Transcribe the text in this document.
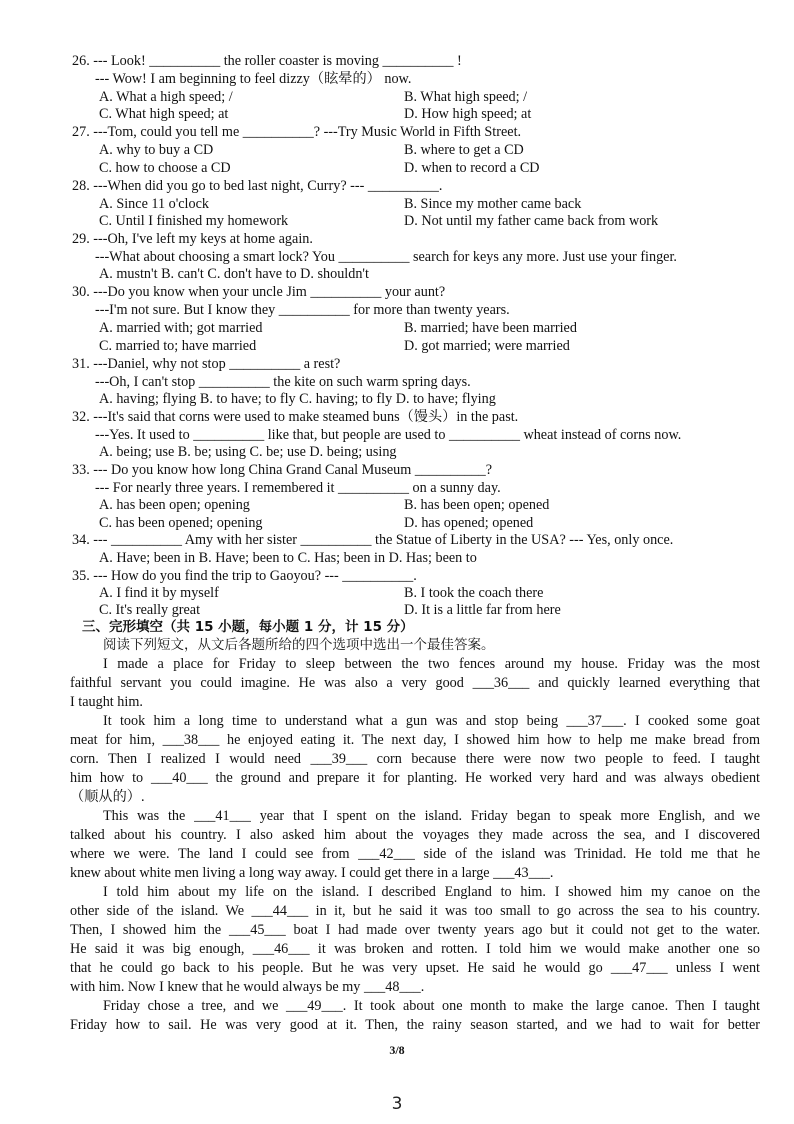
26. --- Look! __________ the roller coaster is moving __________ !
--- Wow! I am beginning to feel dizzy（眩晕的） now.
A. What a high speed; /	B. What high speed; /
C. What high speed; at	D. How high speed; at
27. ---Tom, could you tell me __________? ---Try Music World in Fifth Street.
A. why to buy a CD	B. where to get a CD
C. how to choose a CD	D. when to record a CD
28. ---When did you go to bed last night, Curry? --- __________.
A. Since 11 o'clock	B. Since my mother came back
C. Until I finished my homework	D. Not until my father came back from work
29. ---Oh, I've left my keys at home again.
---What about choosing a smart lock? You __________ search for keys any more. Just use your finger.
A. mustn't B. can't C. don't have to D. shouldn't
30. ---Do you know when your uncle Jim __________ your aunt?
---I'm not sure. But I know they __________ for more than twenty years.
A. married with; got married	B. married; have been married
C. married to; have married	D. got married; were married
31. ---Daniel, why not stop __________ a rest?
---Oh, I can't stop __________ the kite on such warm spring days.
A. having; flying B. to have; to fly C. having; to fly D. to have; flying
32. ---It's said that corns were used to make steamed buns（馒头）in the past.
---Yes. It used to __________ like that, but people are used to __________ wheat instead of corns now.
A. being; use B. be; using C. be; use D. being; using
33. --- Do you know how long China Grand Canal Museum __________?
--- For nearly three years. I remembered it __________ on a sunny day.
A. has been open; opening	B. has been open; opened
C. has been opened; opening	D. has opened; opened
34. --- __________ Amy with her sister __________ the Statue of Liberty in the USA? --- Yes, only once.
A. Have; been in B. Have; been to C. Has; been in D. Has; been to
35. --- How do you find the trip to Gaoyou? --- __________.
A. I find it by myself	B. I took the coach there
C. It's really great	D. It is a little far from here
三、完形填空（共 15 小题，每小题 1 分，计 15 分）
阅读下列短文，从文后各题所给的四个选项中选出一个最佳答案。
I made a place for Friday to sleep between the two fences around my house. Friday was the most
faithful servant you could imagine. He was also a very good ___36___ and quickly learned everything that
I taught him.
It took him a long time to understand what a gun was and stop being ___37___. I cooked some goat
meat for him, ___38___ he enjoyed eating it. The next day, I showed him how to help me make bread from
corn. Then I realized I would need ___39___ corn because there were now two people to feed. I taught
him how to ___40___ the ground and prepare it for planting. He worked very hard and was always obedient
（顺从的）.
This was the ___41___ year that I spent on the island. Friday began to speak more English, and we
talked about his country. I also asked him about the voyages they made across the sea, and I discovered
where we were. The land I could see from ___42___ side of the island was Trinidad. He told me that he
knew about white men living a long way away. I could get there in a large ___43___.
I told him about my life on the island. I described England to him. I showed him my canoe on the
other side of the island. We ___44___ in it, but he said it was too small to go across the sea to his country.
Then, I showed him the ___45___ boat I had made over twenty years ago but it could not get to the water.
He said it was big enough, ___46___ it was broken and rotten. I told him we would make another one so
that he could go back to his people. But he was very upset. He said he would go ___47___ unless I went
with him. Now I knew that he would always be my ___48___.
Friday chose a tree, and we ___49___. It took about one month to make the large canoe. Then I taught
Friday how to sail. He was very good at it. Then, the rainy season started, and we had to wait for better
3/8
3
